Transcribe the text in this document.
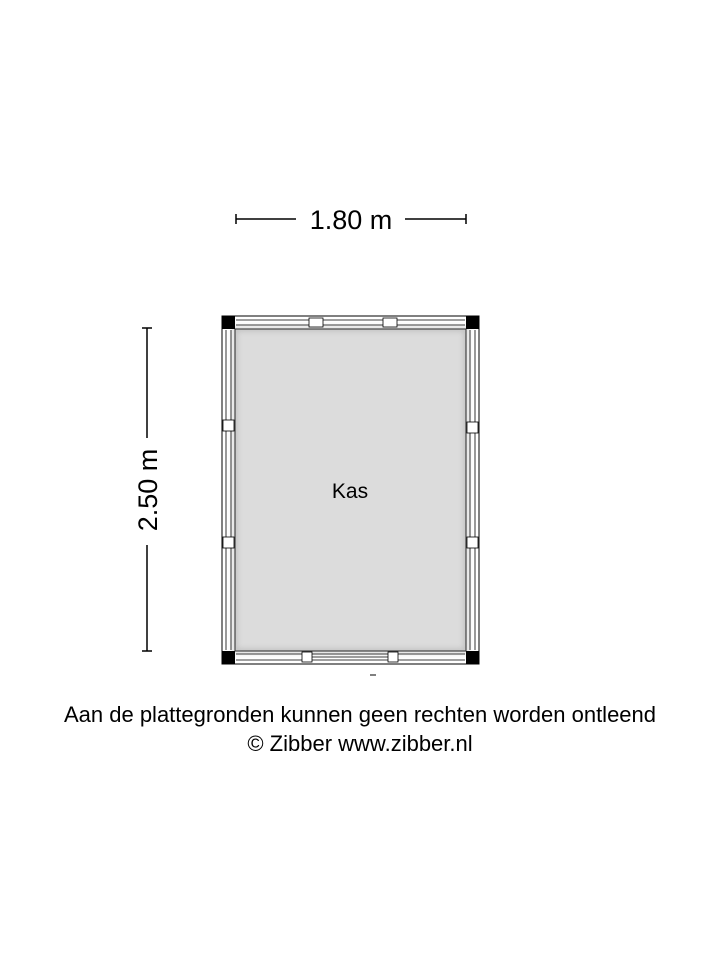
1.80 m
2.50 m	Kas
Aan de plattegronden kunnen geen rechten worden ontleend
© Zibber www.zibber.nl
